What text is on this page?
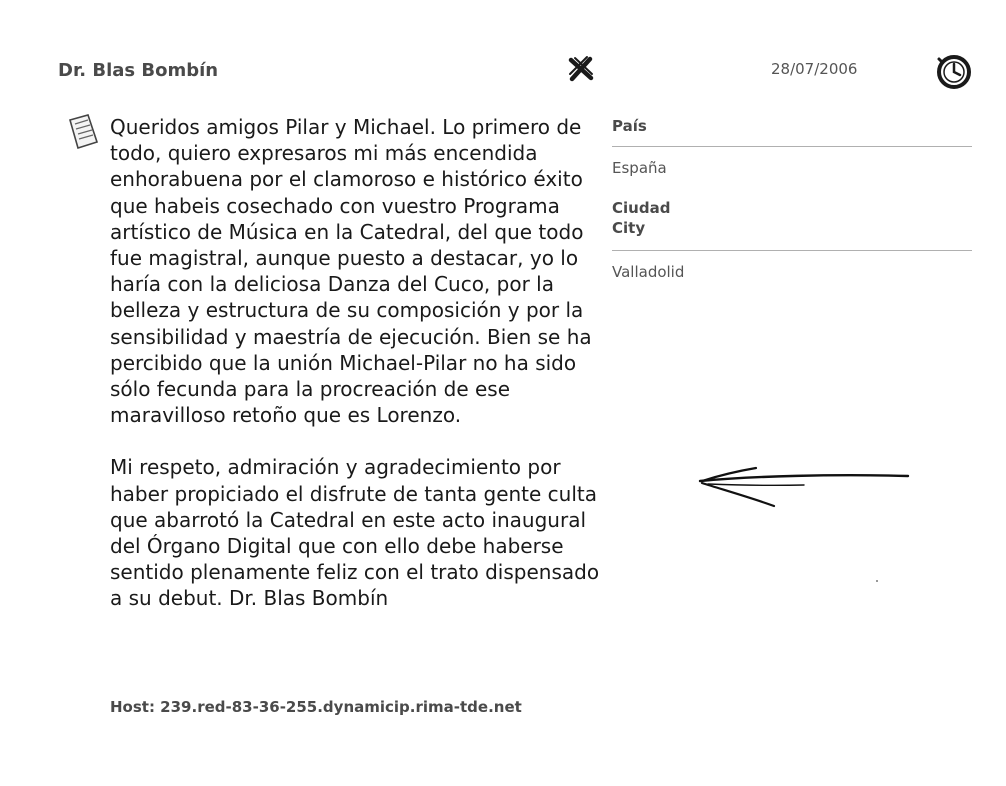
Dr. Blas Bombín	28/07/2006

Queridos amigos Pilar y Michael. Lo primero de todo, quiero expresaros mi más encendida enhorabuena por el clamoroso e histórico éxito que habeis cosechado con vuestro Programa artístico de Música en la Catedral, del que todo fue magistral, aunque puesto a destacar, yo lo haría con la deliciosa Danza del Cuco, por la belleza y estructura de su composición y por la sensibilidad y maestría de ejecución. Bien se ha percibido que la unión Michael-Pilar no ha sido sólo fecunda para la procreación de ese maravilloso retoño que es Lorenzo.

Mi respeto, admiración y agradecimiento por haber propiciado el disfrute de tanta gente culta que abarrotó la Catedral en este acto inaugural del Órgano Digital que con ello debe haberse sentido plenamente feliz con el trato dispensado a su debut. Dr. Blas Bombín

País
España
Ciudad
City
Valladolid
Host: 239.red-83-36-255.dynamicip.rima-tde.net
